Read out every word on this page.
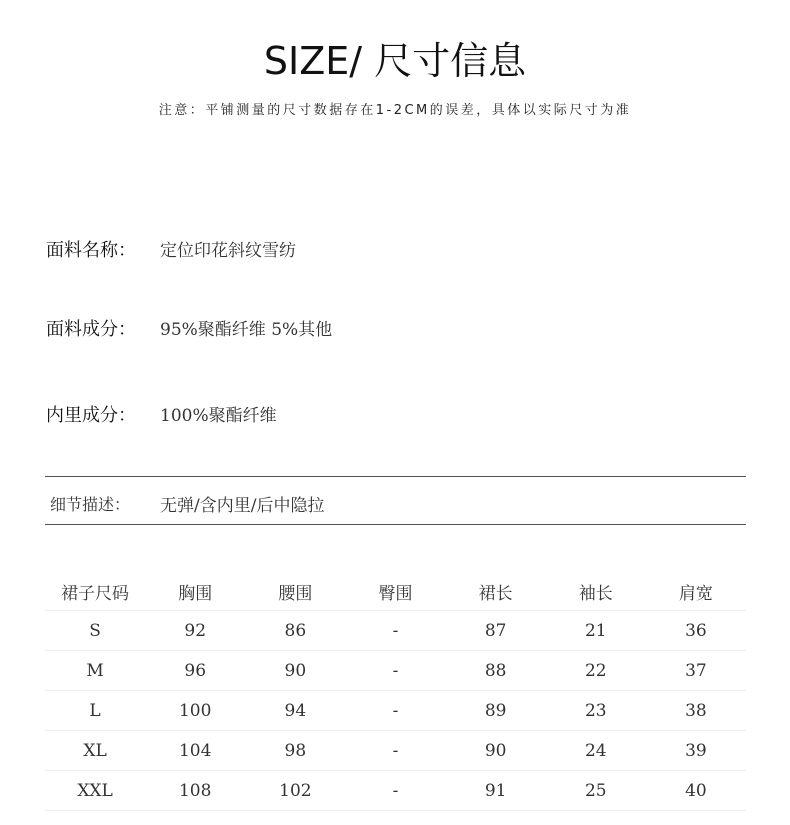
SIZE/ 尺寸信息
注意：平铺测量的尺寸数据存在1-2CM的误差，具体以实际尺寸为准
面料名称： 定位印花斜纹雪纺
面料成分： 95%聚酯纤维 5%其他
内里成分： 100%聚酯纤维
细节描述： 无弹/含内里/后中隐拉
裙子尺码	胸围	腰围	臀围	裙长	袖长	肩宽
S	92	86	-	87	21	36
M	96	90	-	88	22	37
L	100	94	-	89	23	38
XL	104	98	-	90	24	39
XXL	108	102	-	91	25	40
